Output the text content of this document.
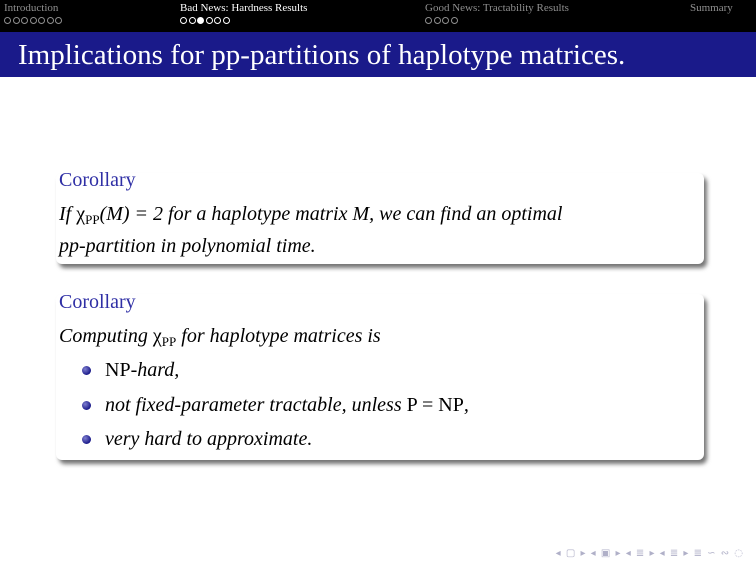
Introduction	Bad News: Hardness Results	Good News: Tractability Results	Summary
Implications for pp-partitions of haplotype matrices.
Corollary
If $\chi_{PP}(M) = 2$ for a haplotype matrix M, we can find an optimal
pp-partition in polynomial time.
Corollary
Computing $\chi_{PP}$ for haplotype matrices is
NP-hard,
not fixed-parameter tractable, unless P = NP,
very hard to approximate.
◂ ▢ ▸ ◂ ▣ ▸ ◂ ≣ ▸ ◂ ≣ ▸ ≣ ∽ ∾ ◌
